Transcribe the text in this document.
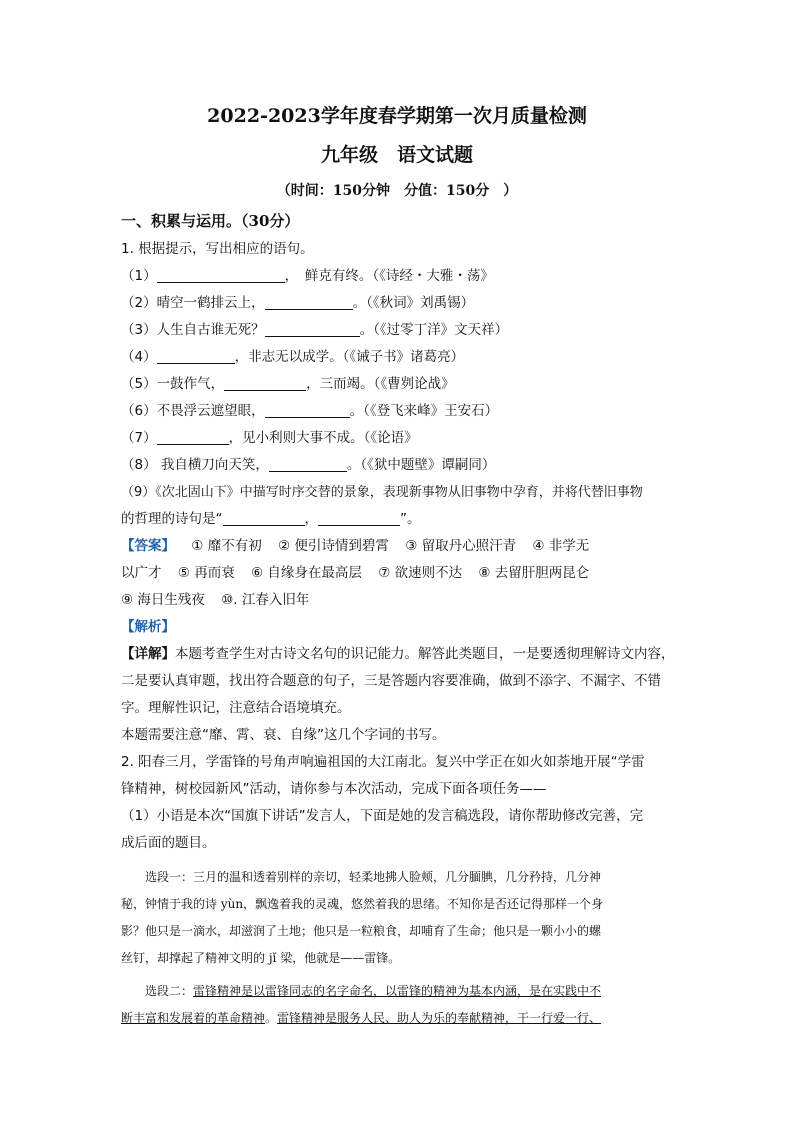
2022-2023学年度春学期第一次月质量检测
九年级　语文试题
（时间：150分钟　分值：150分　）
一、积累与运用。（30分）
1. 根据提示，写出相应的语句。
（1）	，　鲜克有终。（《诗经・大雅・荡》
（2）晴空一鹤排云上，	。（《秋词》刘禹锡）
（3）人生自古谁无死？	。（《过零丁洋》文天祥）
（4）	，非志无以成学。（《诫子书》诸葛亮）
（5）一鼓作气，	，三而竭。（《曹刿论战》
（6）不畏浮云遮望眼，	。（《登飞来峰》王安石）
（7）	，见小利则大事不成。（《论语》
（8） 我自横刀向天笑，	。（《狱中题壁》谭嗣同）
（9）《次北固山下》中描写时序交替的景象，表现新事物从旧事物中孕育，并将代替旧事物
的哲理的诗句是“	，	”。
【答案】 ① 靡不有初 ② 便引诗情到碧霄 ③ 留取丹心照汗青 ④ 非学无
以广才 ⑤ 再而衰 ⑥ 自缘身在最高层 ⑦ 欲速则不达 ⑧ 去留肝胆两昆仑
⑨ 海日生残夜 ⑩. 江春入旧年
【解析】
【详解】本题考查学生对古诗文名句的识记能力。解答此类题目，一是要透彻理解诗文内容，
二是要认真审题，找出符合题意的句子，三是答题内容要准确，做到不添字、不漏字、不错
字。理解性识记，注意结合语境填充。
本题需要注意“靡、霄、衰、自缘”这几个字词的书写。
2. 阳春三月，学雷锋的号角声响遍祖国的大江南北。复兴中学正在如火如荼地开展“学雷
锋精神，树校园新风”活动，请你参与本次活动，完成下面各项任务——
（1）小语是本次“国旗下讲话”发言人，下面是她的发言稿选段，请你帮助修改完善，完
成后面的题目。
选段一：三月的温和透着别样的亲切，轻柔地拂人脸颊，几分腼腆，几分矜持，几分神
秘，钟情于我的诗 yùn，飘逸着我的灵魂，悠然着我的思绪。不知你是否还记得那样一个身
影？他只是一滴水，却滋润了土地；他只是一粒粮食，却哺育了生命；他只是一颗小小的螺
丝钉，却撑起了精神文明的 jǐ 梁，他就是——雷锋。
选段二：雷锋精神是以雷锋同志的名字命名，以雷锋的精神为基本内涵，是在实践中不
断丰富和发展着的革命精神。雷锋精神是服务人民、助人为乐的奉献精神，干一行爱一行、
